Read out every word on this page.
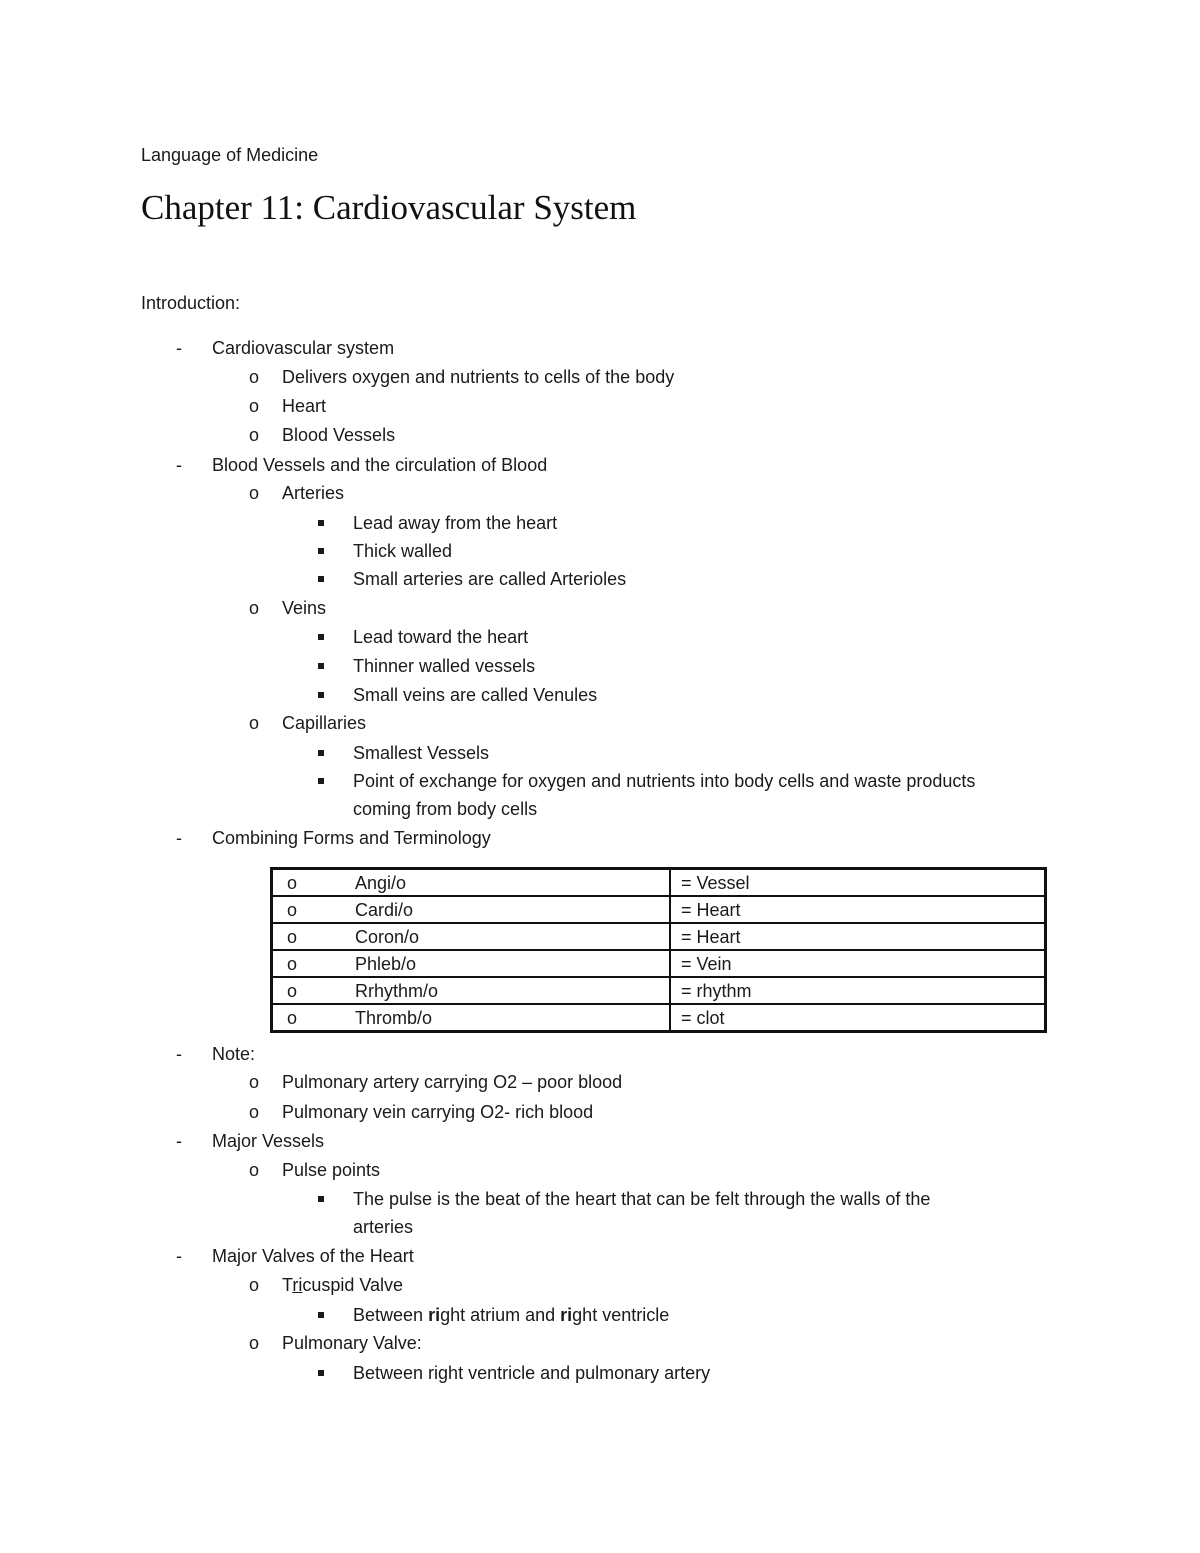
Language of Medicine
Chapter 11: Cardiovascular System
Introduction:
-	Cardiovascular system
o	Delivers oxygen and nutrients to cells of the body
o	Heart
o	Blood Vessels
-	Blood Vessels and the circulation of Blood
o	Arteries
Lead away from the heart
Thick walled
Small arteries are called Arterioles
o	Veins
Lead toward the heart
Thinner walled vessels
Small veins are called Venules
o	Capillaries
Smallest Vessels
Point of exchange for oxygen and nutrients into body cells and waste products
coming from body cells
-	Combining Forms and Terminology
o Angi/o	= Vessel

o Cardi/o	= Heart

o Coron/o	= Heart

o Phleb/o	= Vein

o Rrhythm/o	= rhythm

o Thromb/o	= clot
-	Note:
o	Pulmonary artery carrying O2 – poor blood
o	Pulmonary vein carrying O2- rich blood
-	Major Vessels
o	Pulse points
The pulse is the beat of the heart that can be felt through the walls of the
arteries
-	Major Valves of the Heart
o	Tricuspid Valve
Between right atrium and right ventricle
o	Pulmonary Valve:
Between right ventricle and pulmonary artery
